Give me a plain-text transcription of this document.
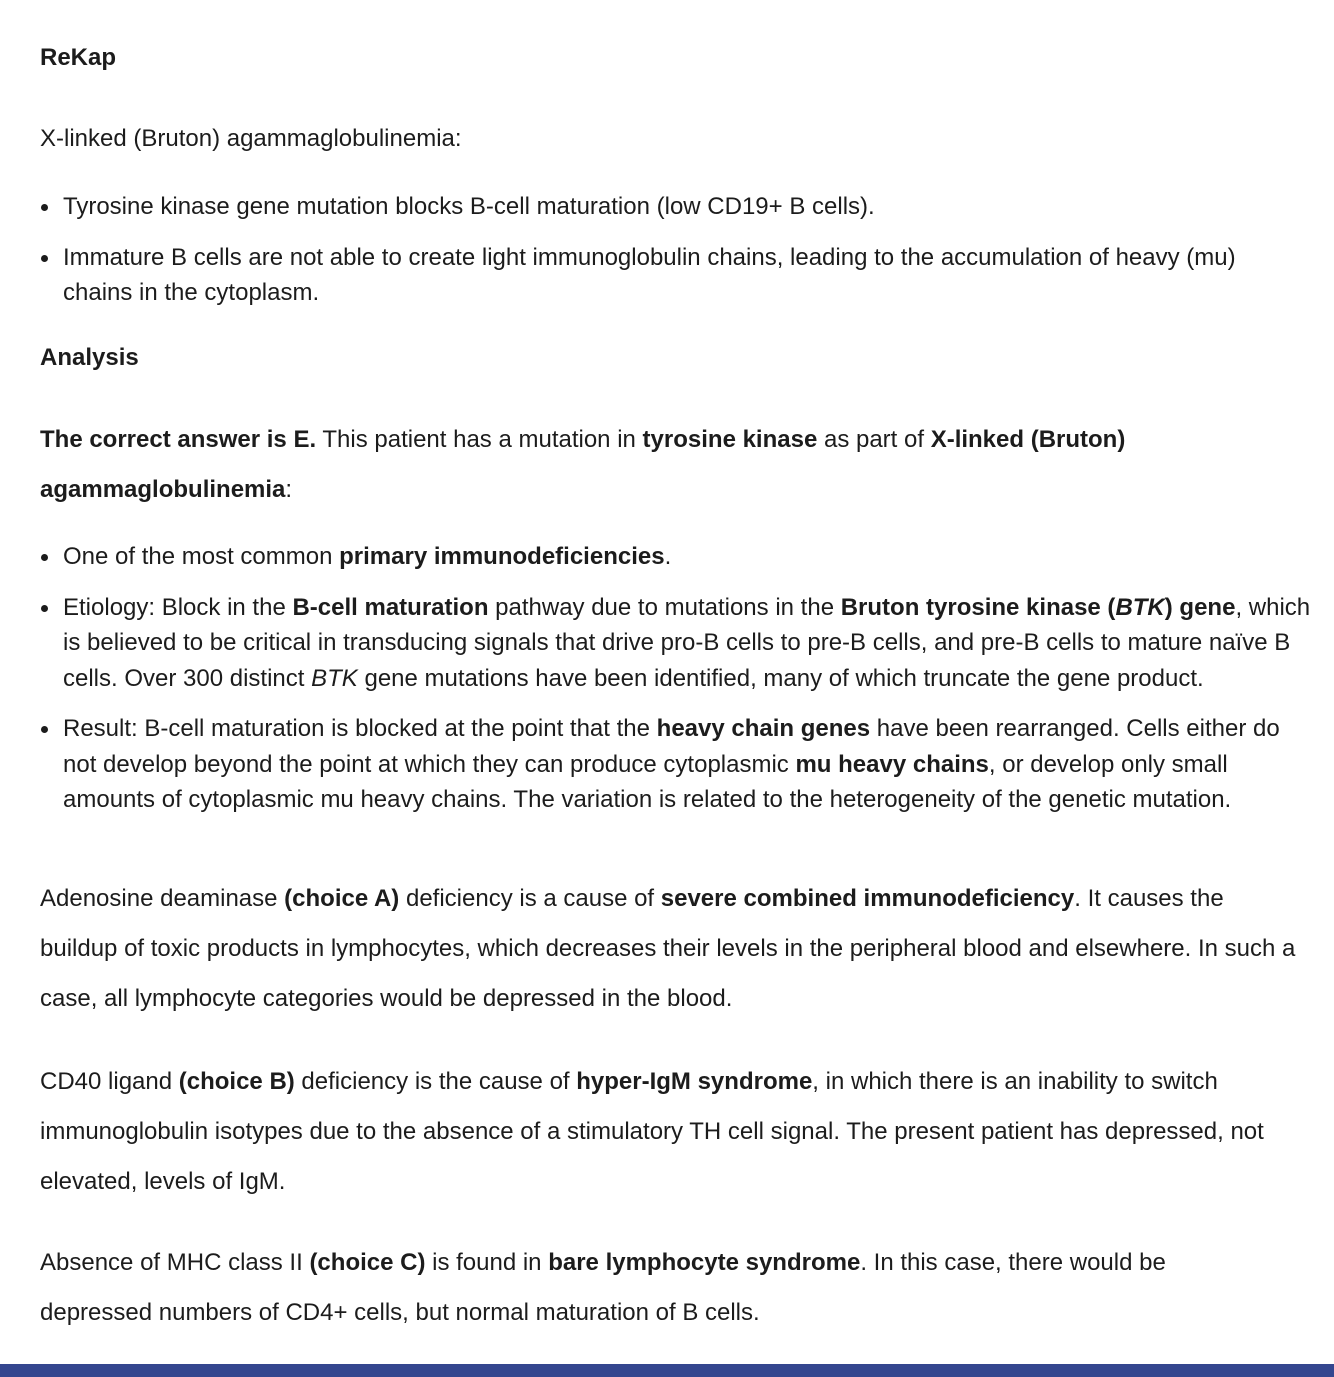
ReKap

X-linked (Bruton) agammaglobulinemia:

Tyrosine kinase gene mutation blocks B-cell maturation (low CD19+ B cells).
Immature B cells are not able to create light immunoglobulin chains, leading to the accumulation of heavy (mu) chains in the cytoplasm.
Analysis

The correct answer is E. This patient has a mutation in tyrosine kinase as part of X-linked (Bruton) agammaglobulinemia:

One of the most common primary immunodeficiencies.
Etiology: Block in the B-cell maturation pathway due to mutations in the Bruton tyrosine kinase (BTK) gene, which is believed to be critical in transducing signals that drive pro-B cells to pre-B cells, and pre-B cells to mature naïve B cells. Over 300 distinct BTK gene mutations have been identified, many of which truncate the gene product.
Result: B-cell maturation is blocked at the point that the heavy chain genes have been rearranged. Cells either do not develop beyond the point at which they can produce cytoplasmic mu heavy chains, or develop only small amounts of cytoplasmic mu heavy chains. The variation is related to the heterogeneity of the genetic mutation.

Adenosine deaminase (choice A) deficiency is a cause of severe combined immunodeficiency. It causes the buildup of toxic products in lymphocytes, which decreases their levels in the peripheral blood and elsewhere. In such a case, all lymphocyte categories would be depressed in the blood.

CD40 ligand (choice B) deficiency is the cause of hyper-IgM syndrome, in which there is an inability to switch immunoglobulin isotypes due to the absence of a stimulatory TH cell signal. The present patient has depressed, not elevated, levels of IgM.

Absence of MHC class II (choice C) is found in bare lymphocyte syndrome. In this case, there would be depressed numbers of CD4+ cells, but normal maturation of B cells.
